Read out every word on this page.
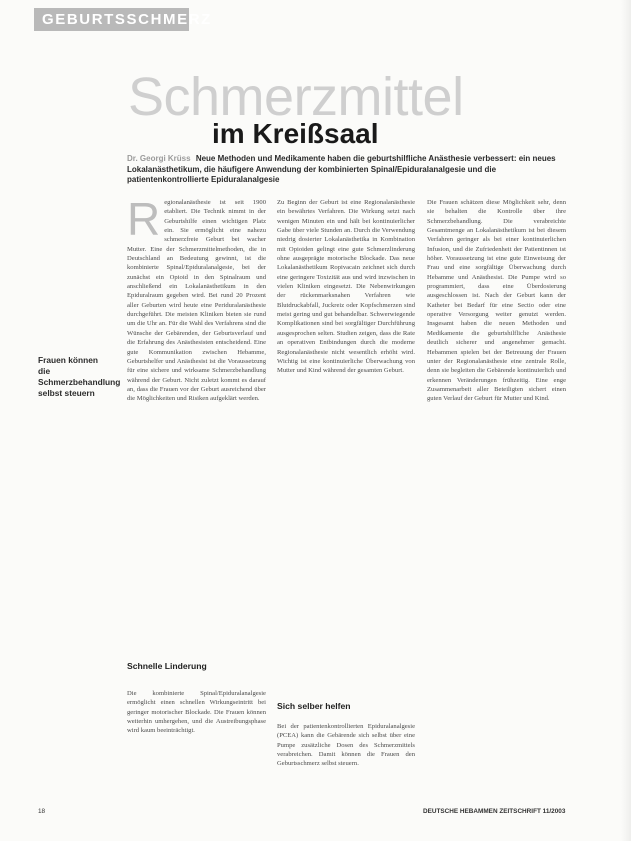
GEBURTSSCHMERZ
Schmerzmittel
im Kreißsaal
Dr. Georgi Krüss Neue Methoden und Medikamente haben die geburtshilfliche Anästhesie verbessert: ein neues Lokalanästhetikum, die häufigere Anwendung der kombinierten Spinal/Epiduralanalgesie und die patientenkontrollierte Epiduralanalgesie
Frauen können die Schmerzbehandlung selbst steuern
R egionalanästhesie ist seit 1900 etabliert. Die Technik nimmt in der Geburtshilfe einen wichtigen Platz ein. Sie ermöglicht eine nahezu schmerzfreie Geburt bei wacher Mutter. Eine der Schmerzmittelmethoden, die in Deutschland an Bedeutung gewinnt, ist die kombinierte Spinal/Epiduralanalgesie, bei der zunächst ein Opioid in den Spinalraum und anschließend ein Lokalanästhetikum in den Epiduralraum gegeben wird. Bei rund 20 Prozent aller Geburten wird heute eine Periduralanästhesie durchgeführt. Die meisten Kliniken bieten sie rund um die Uhr an. Für die Wahl des Verfahrens sind die Wünsche der Gebärenden, der Geburtsverlauf und die Erfahrung des Anästhesisten entscheidend. Eine gute Kommunikation zwischen Hebamme, Geburtshelfer und Anästhesist ist die Voraussetzung für eine sichere und wirksame Schmerzbehandlung während der Geburt. Nicht zuletzt kommt es darauf an, dass die Frauen vor der Geburt ausreichend über die Möglichkeiten und Risiken aufgeklärt werden.

Schnelle Linderung

Die kombinierte Spinal/Epiduralanalgesie ermöglicht einen schnellen Wirkungseintritt bei geringer motorischer Blockade. Die Frauen können weiterhin umhergehen, und die Austreibungsphase wird kaum beeinträchtigt.

Zu Beginn der Geburt ist eine Regionalanästhesie ein bewährtes Verfahren. Die Wirkung setzt nach wenigen Minuten ein und hält bei kontinuierlicher Gabe über viele Stunden an. Durch die Verwendung niedrig dosierter Lokalanästhetika in Kombination mit Opioiden gelingt eine gute Schmerzlinderung ohne ausgeprägte motorische Blockade. Das neue Lokalanästhetikum Ropivacain zeichnet sich durch eine geringere Toxizität aus und wird inzwischen in vielen Kliniken eingesetzt. Die Nebenwirkungen der rückenmarksnahen Verfahren wie Blutdruckabfall, Juckreiz oder Kopfschmerzen sind meist gering und gut behandelbar. Schwerwiegende Komplikationen sind bei sorgfältiger Durchführung ausgesprochen selten. Studien zeigen, dass die Rate an operativen Entbindungen durch die moderne Regionalanästhesie nicht wesentlich erhöht wird. Wichtig ist eine kontinuierliche Überwachung von Mutter und Kind während der gesamten Geburt.

Sich selber helfen

Bei der patientenkontrollierten Epiduralanalgesie (PCEA) kann die Gebärende sich selbst über eine Pumpe zusätzliche Dosen des Schmerzmittels verabreichen. Damit können die Frauen den Geburtsschmerz selbst steuern.

Die Frauen schätzen diese Möglichkeit sehr, denn sie behalten die Kontrolle über ihre Schmerzbehandlung. Die verabreichte Gesamtmenge an Lokalanästhetikum ist bei diesem Verfahren geringer als bei einer kontinuierlichen Infusion, und die Zufriedenheit der Patientinnen ist höher. Voraussetzung ist eine gute Einweisung der Frau und eine sorgfältige Überwachung durch Hebamme und Anästhesist. Die Pumpe wird so programmiert, dass eine Überdosierung ausgeschlossen ist. Nach der Geburt kann der Katheter bei Bedarf für eine Sectio oder eine operative Versorgung weiter genutzt werden. Insgesamt haben die neuen Methoden und Medikamente die geburtshilfliche Anästhesie deutlich sicherer und angenehmer gemacht. Hebammen spielen bei der Betreuung der Frauen unter der Regionalanästhesie eine zentrale Rolle, denn sie begleiten die Gebärende kontinuierlich und erkennen Veränderungen frühzeitig. Eine enge Zusammenarbeit aller Beteiligten sichert einen guten Verlauf der Geburt für Mutter und Kind.

18	DEUTSCHE HEBAMMEN ZEITSCHRIFT 11/2003
